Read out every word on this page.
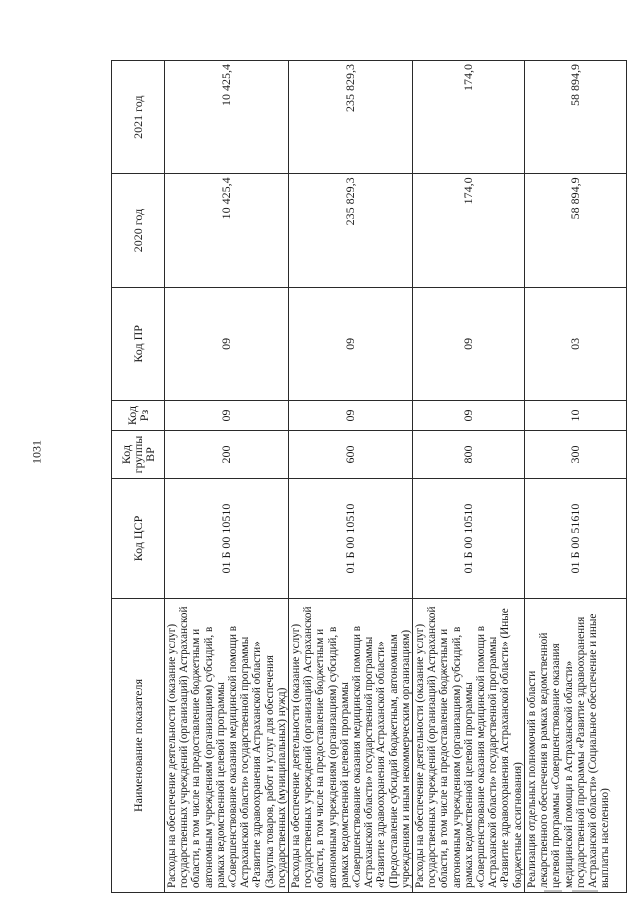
1031
Наименование показателя	Код ЦСР	Код группы ВР	Код Рз	Код ПР	2020 год	2021 год
Расходы на обеспечение деятельности (оказание услуг) государственных учреждений (организаций) Астраханской области, в том числе на предоставление бюджетным и автономным учреждениям (организациям) субсидий, в рамках ведомственной целевой программы «Совершенствование оказания медицинской помощи в Астраханской области» государственной программы «Развитие здравоохранения Астраханской области» (Закупка товаров, работ и услуг для обеспечения государственных (муниципальных) нужд)	01 Б 00 10510	200	09	09	10 425,4	10 425,4
Расходы на обеспечение деятельности (оказание услуг) государственных учреждений (организаций) Астраханской области, в том числе на предоставление бюджетным и автономным учреждениям (организациям) субсидий, в рамках ведомственной целевой программы «Совершенствование оказания медицинской помощи в Астраханской области» государственной программы «Развитие здравоохранения Астраханской области» (Предоставление субсидий бюджетным, автономным учреждениям и иным некоммерческим организациям)	01 Б 00 10510	600	09	09	235 829,3	235 829,3
Расходы на обеспечение деятельности (оказание услуг) государственных учреждений (организаций) Астраханской области, в том числе на предоставление бюджетным и автономным учреждениям (организациям) субсидий, в рамках ведомственной целевой программы «Совершенствование оказания медицинской помощи в Астраханской области» государственной программы «Развитие здравоохранения Астраханской области» (Иные бюджетные ассигнования)	01 Б 00 10510	800	09	09	174,0	174,0
Реализация отдельных полномочий в области лекарственного обеспечения в рамках ведомственной целевой программы «Совершенствование оказания медицинской помощи в Астраханской области» государственной программы «Развитие здравоохранения Астраханской области» (Социальное обеспечение и иные выплаты населению)	01 Б 00 51610	300	10	03	58 894,9	58 894,9
